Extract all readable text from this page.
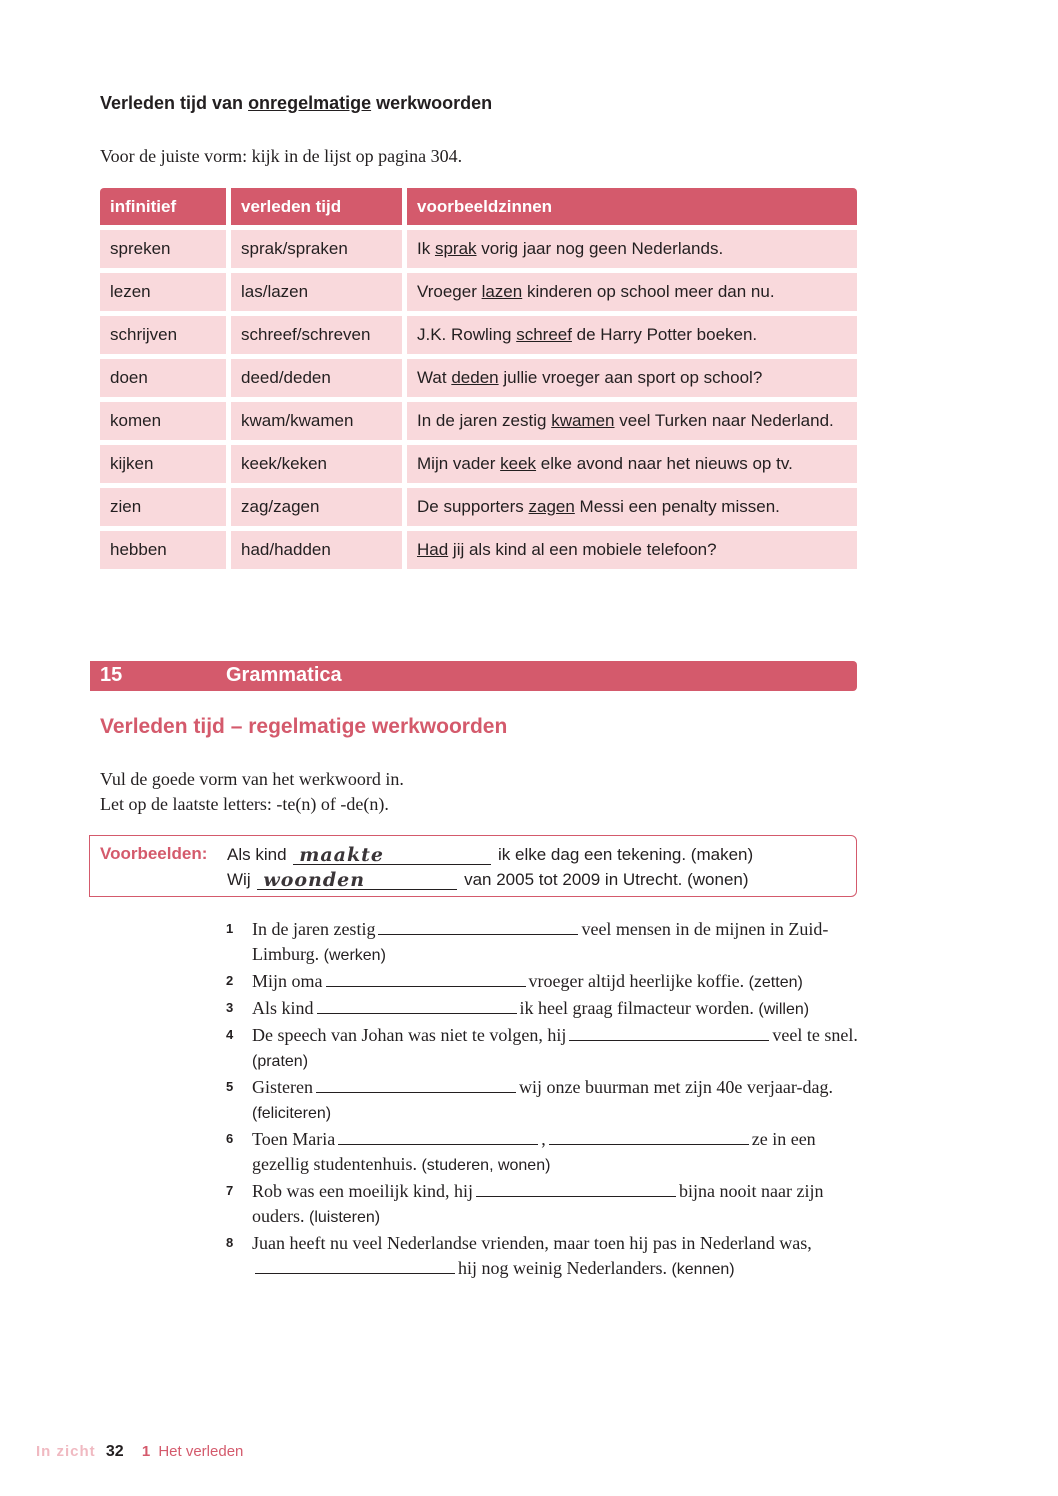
Verleden tijd van onregelmatige werkwoorden
Voor de juiste vorm: kijk in de lijst op pagina 304.
infinitief	verleden tijd	voorbeeldzinnen
spreken	sprak/spraken	Ik sprak vorig jaar nog geen Nederlands.
lezen	las/lazen	Vroeger lazen kinderen op school meer dan nu.
schrijven	schreef/schreven	J.K. Rowling schreef de Harry Potter boeken.
doen	deed/deden	Wat deden jullie vroeger aan sport op school?
komen	kwam/kwamen	In de jaren zestig kwamen veel Turken naar Nederland.
kijken	keek/keken	Mijn vader keek elke avond naar het nieuws op tv.
zien	zag/zagen	De supporters zagen Messi een penalty missen.
hebben	had/hadden	Had jij als kind al een mobiele telefoon?
15	Grammatica
Verleden tijd – regelmatige werkwoorden
Vul de goede vorm van het werkwoord in.
Let op de laatste letters: -te(n) of -de(n).
Voorbeelden: Als kind maakte	ik elke dag een tekening. (maken)
Wij woonden	van 2005 tot 2009 in Utrecht. (wonen)
1 In de jaren zestig	veel mensen in de mijnen in Zuid-Limburg. (werken)
2 Mijn oma	vroeger altijd heerlijke koffie. (zetten)
3 Als kind	ik heel graag filmacteur worden. (willen)
4 De speech van Johan was niet te volgen, hij	veel te snel. (praten)
5 Gisteren	wij onze buurman met zijn 40e verjaar-dag. (feliciteren)
6 Toen Maria	,	ze in een gezellig studentenhuis. (studeren, wonen)
7 Rob was een moeilijk kind, hij	bijna nooit naar zijn ouders. (luisteren)
8 Juan heeft nu veel Nederlandse vrienden, maar toen hij pas in Nederland was,hij nog weinig Nederlanders. (kennen)
In zicht 32 1 Het verleden
